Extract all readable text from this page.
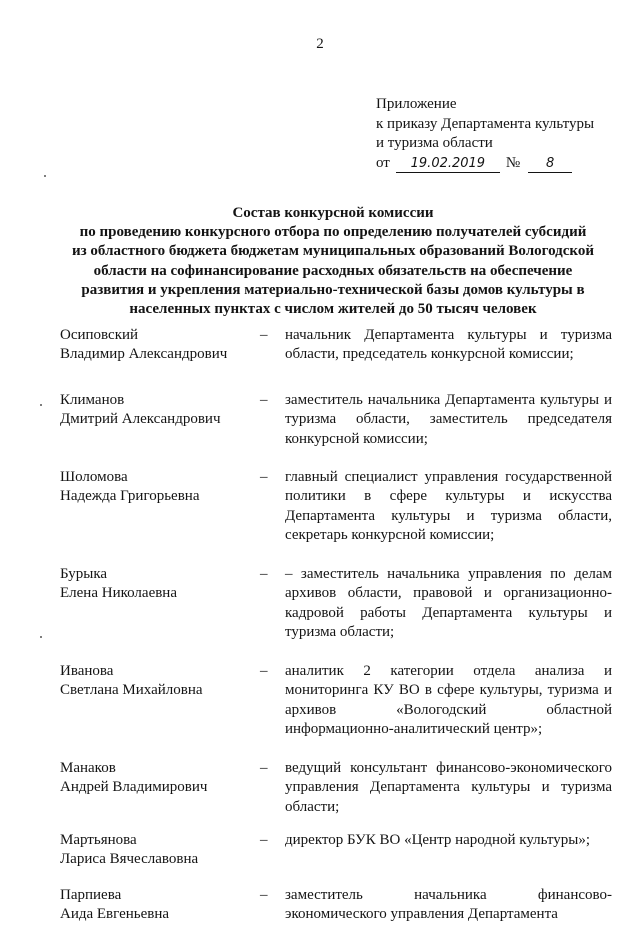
2
Приложение
к приказу Департамента культуры
и туризма области
от 19.02.2019 № 8
Состав конкурсной комиссии
по проведению конкурсного отбора по определению получателей субсидий
из областного бюджета бюджетам муниципальных образований Вологодской
области на софинансирование расходных обязательств на обеспечение
развития и укрепления материально-технической базы домов культуры в
населенных пунктах с числом жителей до 50 тысяч человек
Осиповский
Владимир Александрович
– начальник Департамента культуры и туризма области, председатель конкурсной комиссии;
Климанов
Дмитрий Александрович
– заместитель начальника Департамента культуры и туризма области, заместитель председателя конкурсной комиссии;
Шоломова
Надежда Григорьевна
– главный специалист управления государственной политики в сфере культуры и искусства Департамента культуры и туризма области, секретарь конкурсной комиссии;
Бурыка
Елена Николаевна
– – заместитель начальника управления по делам архивов области, правовой и организационно-кадровой работы Департамента культуры и туризма области;
Иванова
Светлана Михайловна
– аналитик 2 категории отдела анализа и мониторинга КУ ВО в сфере культуры, туризма и архивов «Вологодский областной информационно-аналитический центр»;
Манаков
Андрей Владимирович
– ведущий консультант финансово-экономического управления Департамента культуры и туризма области;
Мартьянова
Лариса Вячеславовна
– директор БУК ВО «Центр народной культуры»;
Парпиева
Аида Евгеньевна
– заместитель начальника финансово-экономического управления Департамента
